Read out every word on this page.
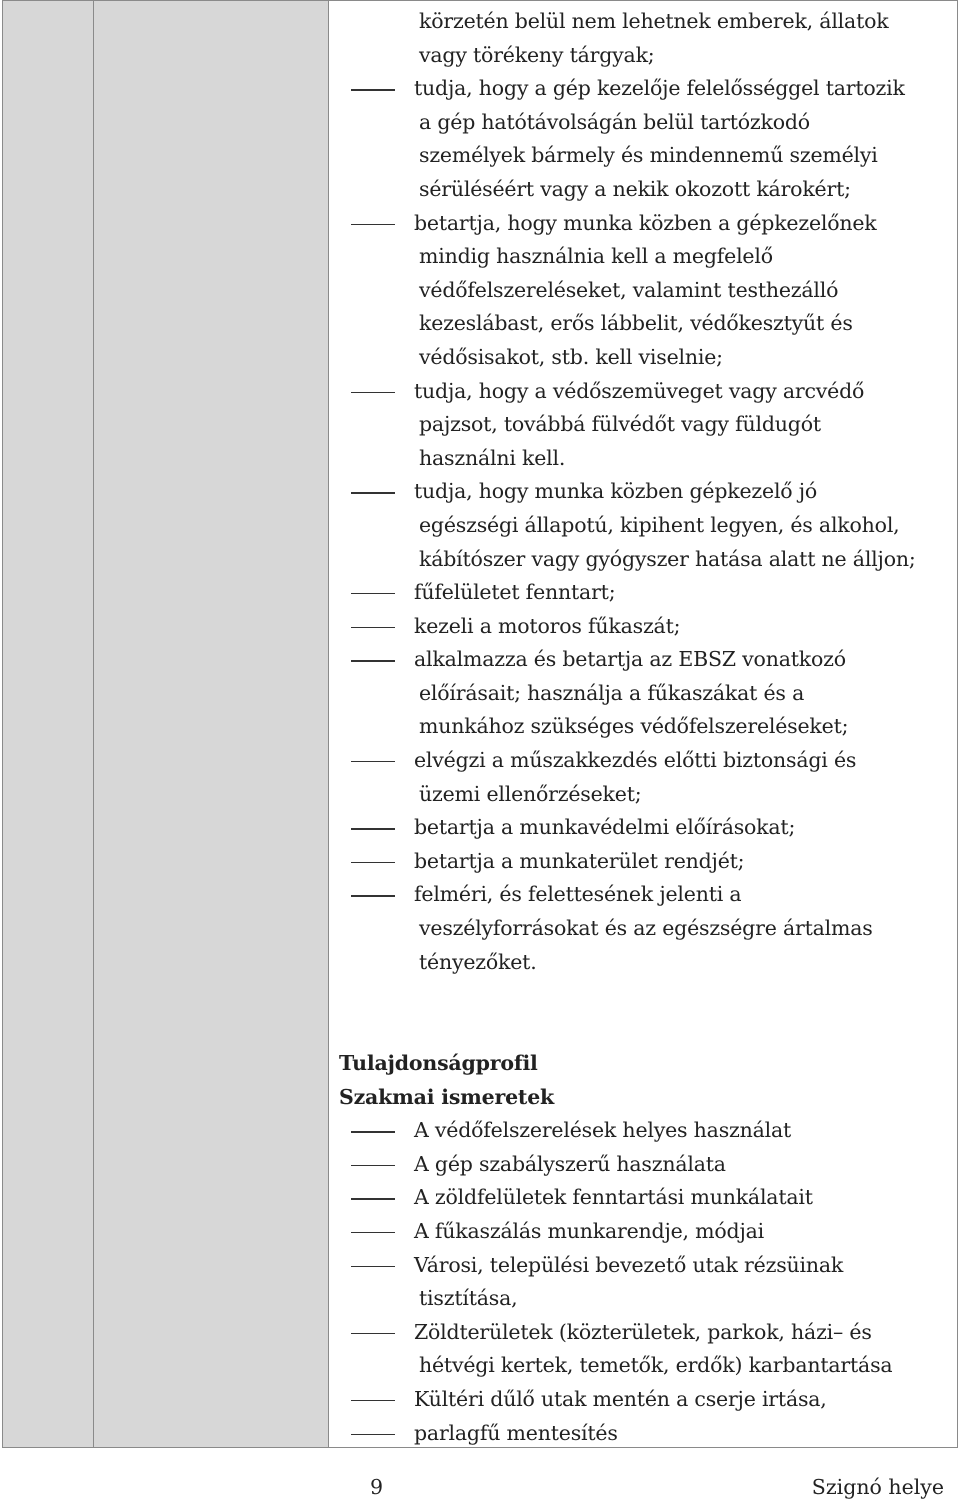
körzetén belül nem lehetnek emberek, állatok
vagy törékeny tárgyak;
tudja, hogy a gép kezelője felelősséggel tartozik
a gép hatótávolságán belül tartózkodó
személyek bármely és mindennemű személyi
sérüléséért vagy a nekik okozott károkért;
betartja, hogy munka közben a gépkezelőnek
mindig használnia kell a megfelelő
védőfelszereléseket, valamint testhezálló
kezeslábast, erős lábbelit, védőkesztyűt és
védősisakot, stb. kell viselnie;
tudja, hogy a védőszemüveget vagy arcvédő
pajzsot, továbbá fülvédőt vagy füldugót
használni kell.
tudja, hogy munka közben gépkezelő jó
egészségi állapotú, kipihent legyen, és alkohol,
kábítószer vagy gyógyszer hatása alatt ne álljon;
fűfelületet fenntart;
kezeli a motoros fűkaszát;
alkalmazza és betartja az EBSZ vonatkozó
előírásait; használja a fűkaszákat és a
munkához szükséges védőfelszereléseket;
elvégzi a műszakkezdés előtti biztonsági és
üzemi ellenőrzéseket;
betartja a munkavédelmi előírásokat;
betartja a munkaterület rendjét;
felméri, és felettesének jelenti a
veszélyforrásokat és az egészségre ártalmas
tényezőket.
Tulajdonságprofil
Szakmai ismeretek
A védőfelszerelések helyes használat
A gép szabályszerű használata
A zöldfelületek fenntartási munkálatait
A fűkaszálás munkarendje, módjai
Városi, települési bevezető utak rézsüinak
tisztítása,
Zöldterületek (közterületek, parkok, házi– és
hétvégi kertek, temetők, erdők) karbantartása
Kültéri dűlő utak mentén a cserje irtása,
parlagfű mentesítés
9	Szignó helye
